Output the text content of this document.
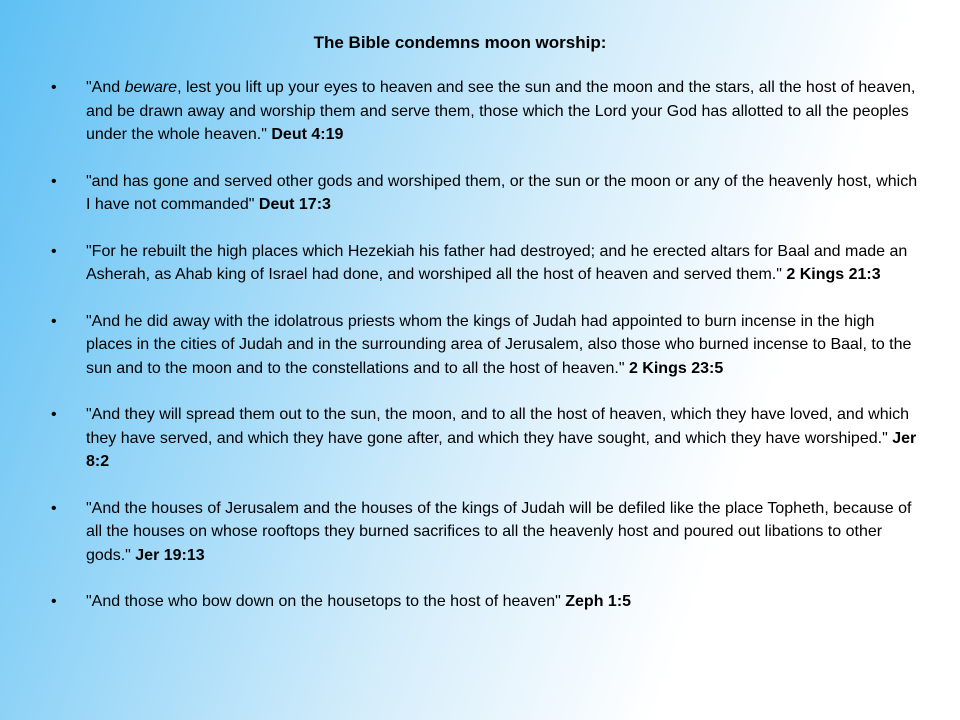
The Bible condemns moon worship:
• "And beware, lest you lift up your eyes to heaven and see the sun and the moon and the stars, all the host of heaven, and be drawn away and worship them and serve them, those which the Lord your God has allotted to all the peoples under the whole heaven." Deut 4:19
• "and has gone and served other gods and worshiped them, or the sun or the moon or any of the heavenly host, which I have not commanded" Deut 17:3
• "For he rebuilt the high places which Hezekiah his father had destroyed; and he erected altars for Baal and made an Asherah, as Ahab king of Israel had done, and worshiped all the host of heaven and served them." 2 Kings 21:3
• "And he did away with the idolatrous priests whom the kings of Judah had appointed to burn incense in the high places in the cities of Judah and in the surrounding area of Jerusalem, also those who burned incense to Baal, to the sun and to the moon and to the constellations and to all the host of heaven." 2 Kings 23:5
• "And they will spread them out to the sun, the moon, and to all the host of heaven, which they have loved, and which they have served, and which they have gone after, and which they have sought, and which they have worshiped." Jer 8:2
• "And the houses of Jerusalem and the houses of the kings of Judah will be defiled like the place Topheth, because of all the houses on whose rooftops they burned sacrifices to all the heavenly host and poured out libations to other gods." Jer 19:13
• "And those who bow down on the housetops to the host of heaven" Zeph 1:5
